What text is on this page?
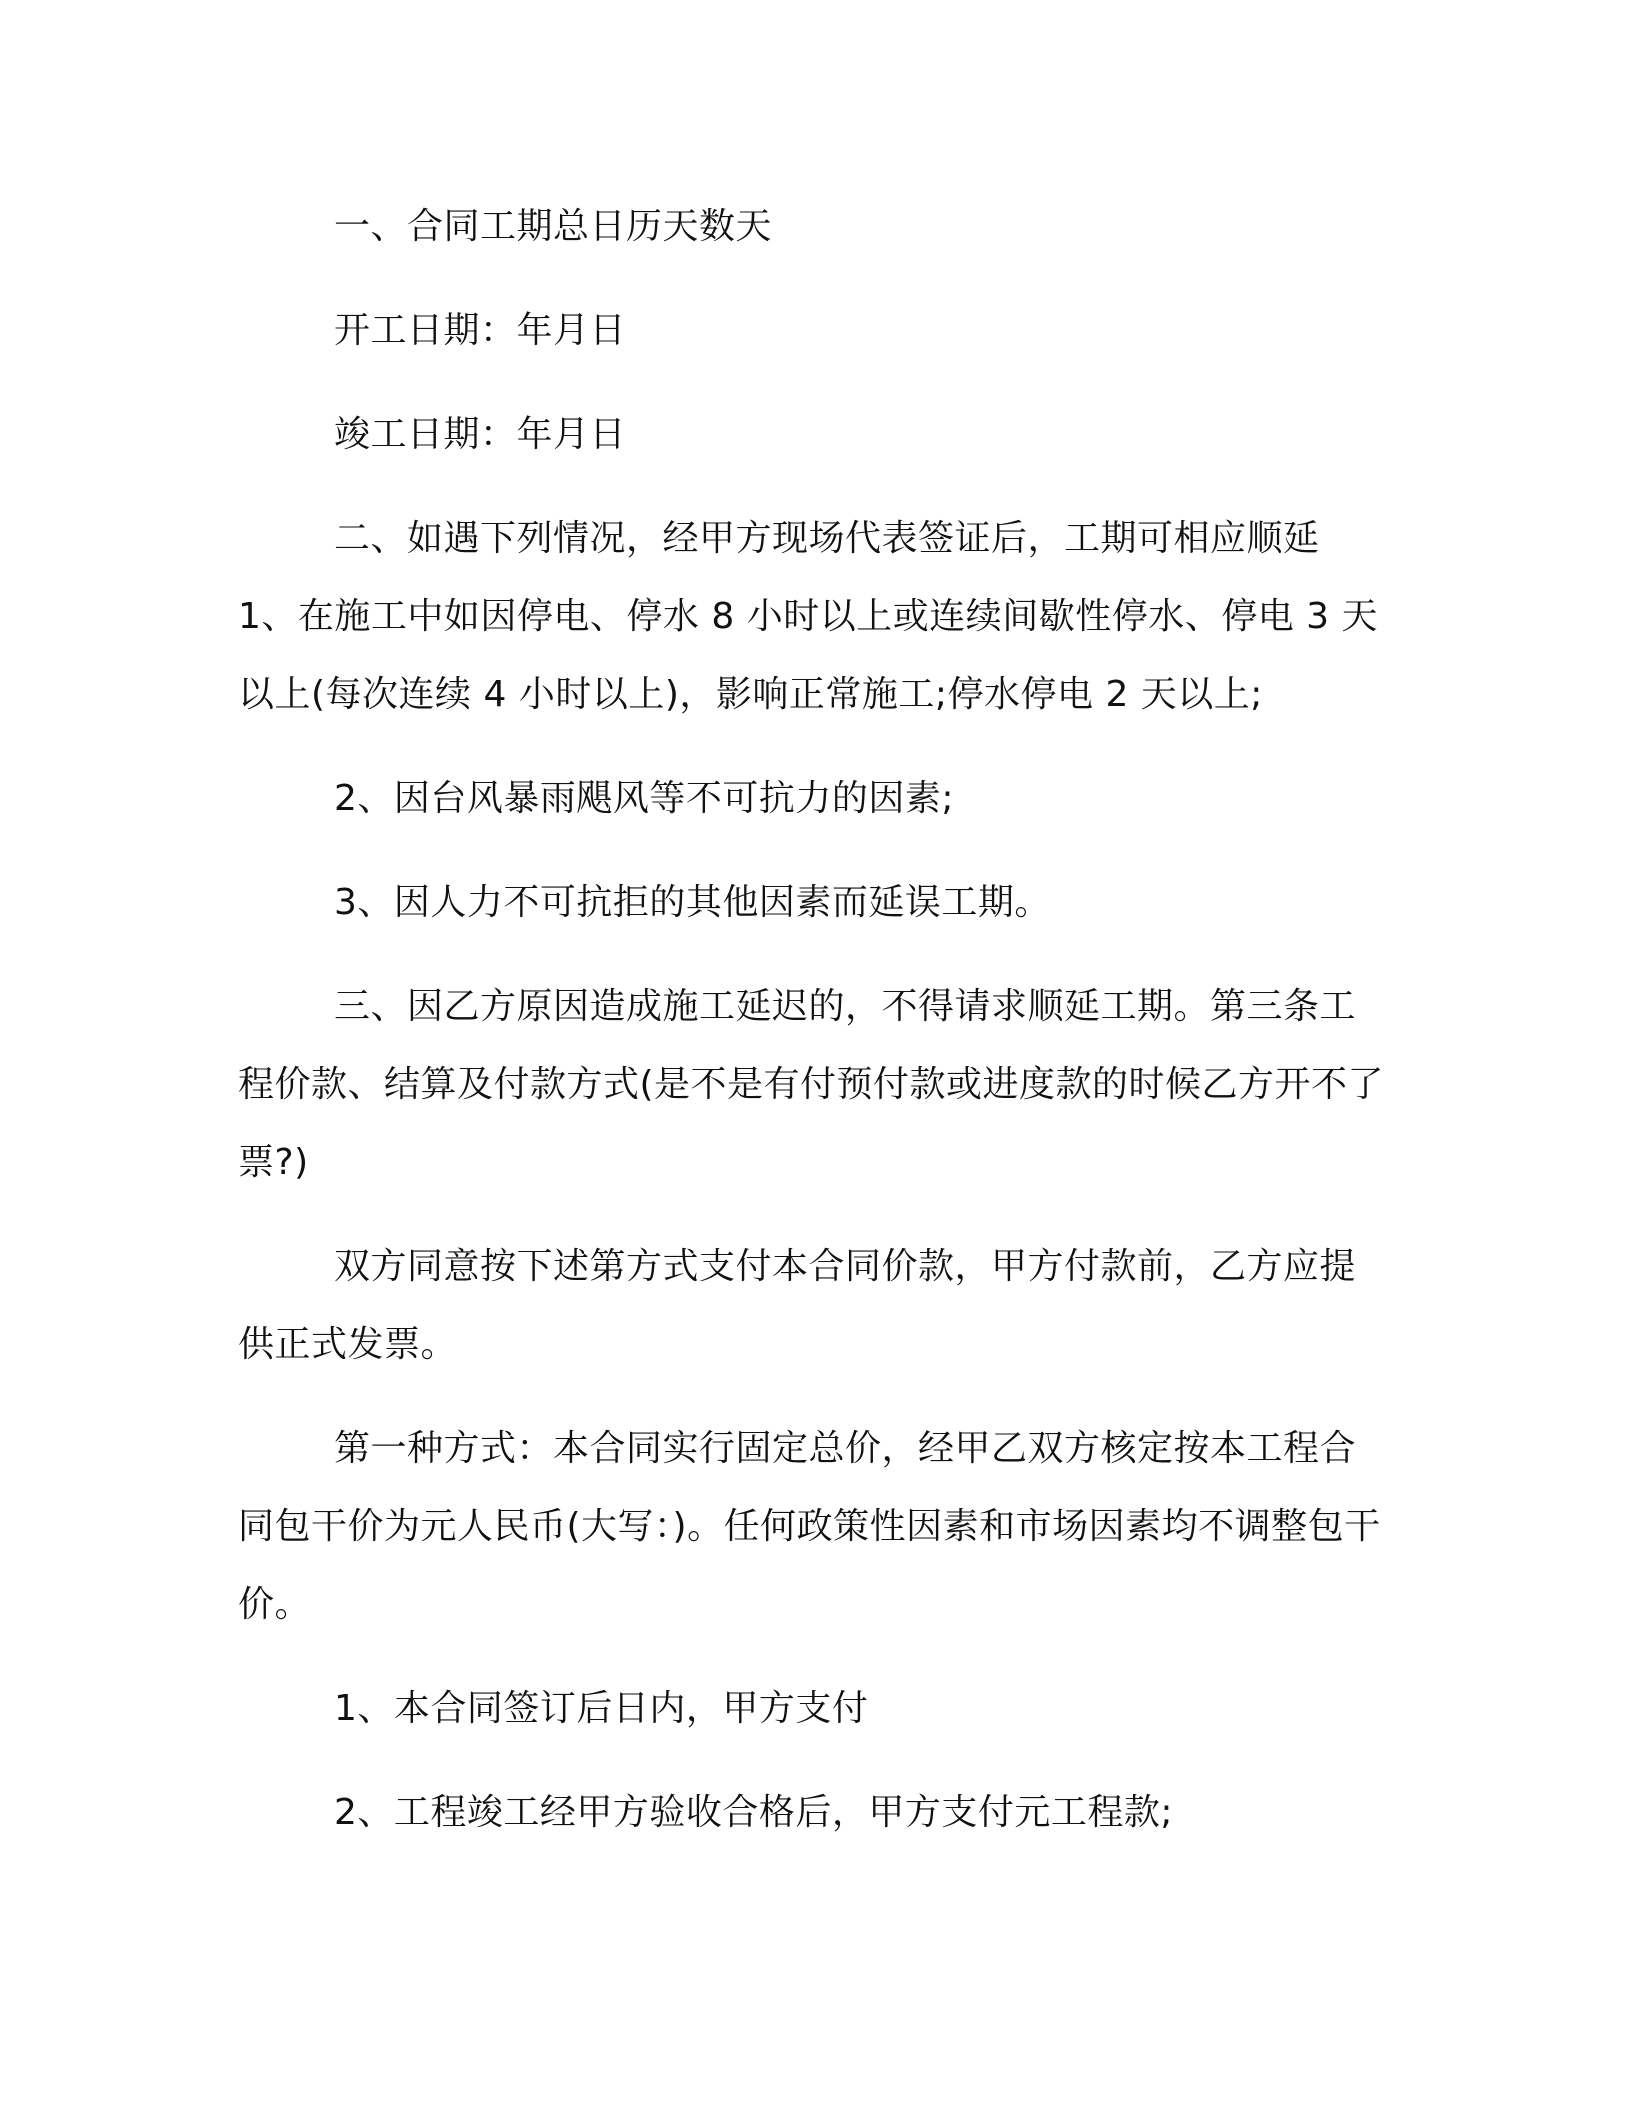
一、合同工期总日历天数天

开工日期：年月日

竣工日期：年月日

二、如遇下列情况，经甲方现场代表签证后，工期可相应顺延 1、在施工中如因停电、停水 8 小时以上或连续间歇性停水、停电 3 天以上(每次连续 4 小时以上)，影响正常施工;停水停电 2 天以上;

2、因台风暴雨飓风等不可抗力的因素;

3、因人力不可抗拒的其他因素而延误工期。

三、因乙方原因造成施工延迟的，不得请求顺延工期。第三条工程价款、结算及付款方式(是不是有付预付款或进度款的时候乙方开不了票?)

双方同意按下述第方式支付本合同价款，甲方付款前，乙方应提供正式发票。

第一种方式：本合同实行固定总价，经甲乙双方核定按本工程合同包干价为元人民币(大写：)。任何政策性因素和市场因素均不调整包干价。

1、本合同签订后日内，甲方支付

2、工程竣工经甲方验收合格后，甲方支付元工程款;
